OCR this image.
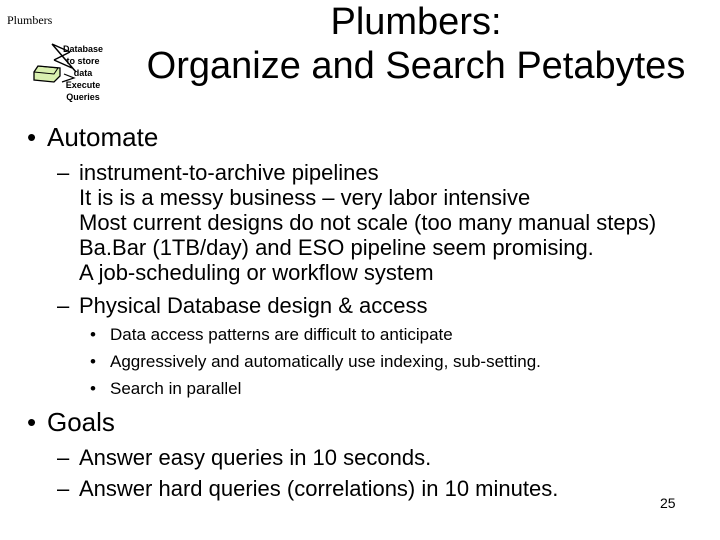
Plumbers
Database
to store
data
Execute
Queries
Plumbers:
Organize and Search Petabytes
• Automate
– instrument-to-archive pipelines
It is is a messy business – very labor intensive
Most current designs do not scale (too many manual steps)
Ba.Bar (1TB/day) and ESO pipeline seem promising.
A job-scheduling or workflow system
– Physical Database design & access
• Data access patterns are difficult to anticipate
• Aggressively and automatically use indexing, sub-setting.
• Search in parallel
• Goals
– Answer easy queries in 10 seconds.
– Answer hard queries (correlations) in 10 minutes.
25
